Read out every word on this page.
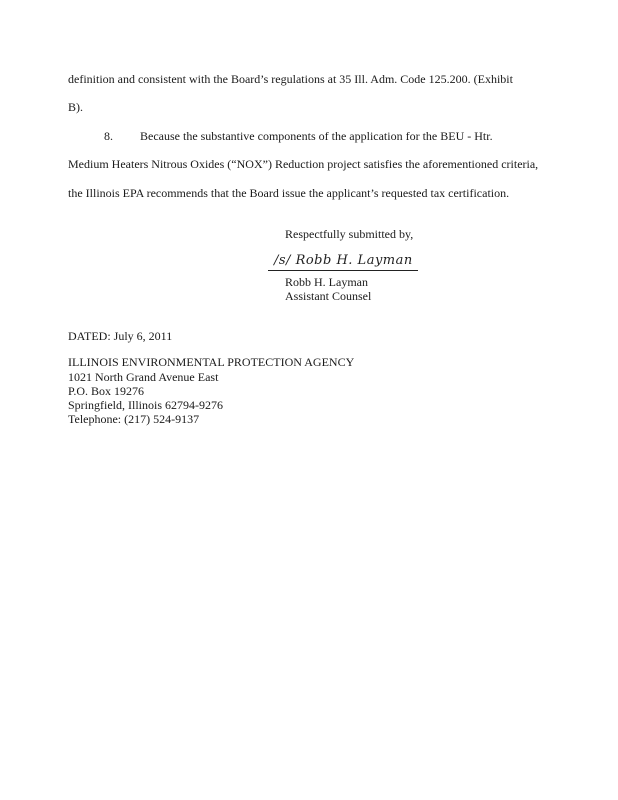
definition and consistent with the Board’s regulations at 35 Ill. Adm. Code 125.200. (Exhibit
B).
8. Because the substantive components of the application for the BEU - Htr.
Medium Heaters Nitrous Oxides (“NOX”) Reduction project satisfies the aforementioned criteria,
the Illinois EPA recommends that the Board issue the applicant’s requested tax certification.
Respectfully submitted by,
/s/ Robb H. Layman
Robb H. Layman
Assistant Counsel
DATED: July 6, 2011
ILLINOIS ENVIRONMENTAL PROTECTION AGENCY
1021 North Grand Avenue East
P.O. Box 19276
Springfield, Illinois 62794-9276
Telephone: (217) 524-9137
